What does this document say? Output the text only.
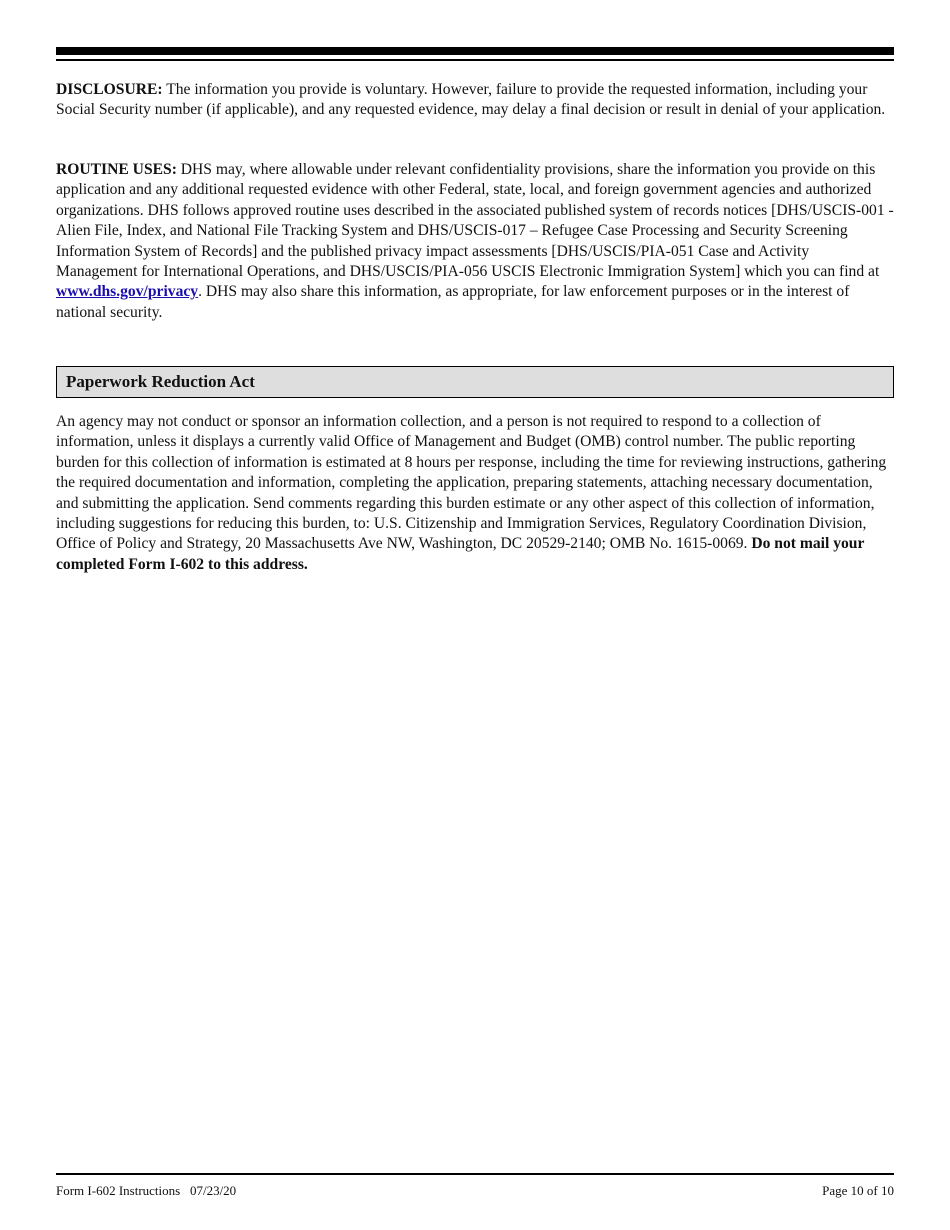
DISCLOSURE: The information you provide is voluntary. However, failure to provide the requested information, including your Social Security number (if applicable), and any requested evidence, may delay a final decision or result in denial of your application.

ROUTINE USES: DHS may, where allowable under relevant confidentiality provisions, share the information you provide on this application and any additional requested evidence with other Federal, state, local, and foreign government agencies and authorized organizations. DHS follows approved routine uses described in the associated published system of records notices [DHS/USCIS-001 - Alien File, Index, and National File Tracking System and DHS/USCIS-017 – Refugee Case Processing and Security Screening Information System of Records] and the published privacy impact assessments [DHS/USCIS/PIA-051 Case and Activity Management for International Operations, and DHS/USCIS/PIA-056 USCIS Electronic Immigration System] which you can find at www.dhs.gov/privacy. DHS may also share this information, as appropriate, for law enforcement purposes or in the interest of national security.

Paperwork Reduction Act

An agency may not conduct or sponsor an information collection, and a person is not required to respond to a collection of information, unless it displays a currently valid Office of Management and Budget (OMB) control number. The public reporting burden for this collection of information is estimated at 8 hours per response, including the time for reviewing instructions, gathering the required documentation and information, completing the application, preparing statements, attaching necessary documentation, and submitting the application. Send comments regarding this burden estimate or any other aspect of this collection of information, including suggestions for reducing this burden, to: U.S. Citizenship and Immigration Services, Regulatory Coordination Division, Office of Policy and Strategy, 20 Massachusetts Ave NW, Washington, DC 20529-2140; OMB No. 1615-0069. Do not mail your completed Form I-602 to this address.

Form I-602 Instructions   07/23/20	Page 10 of 10
